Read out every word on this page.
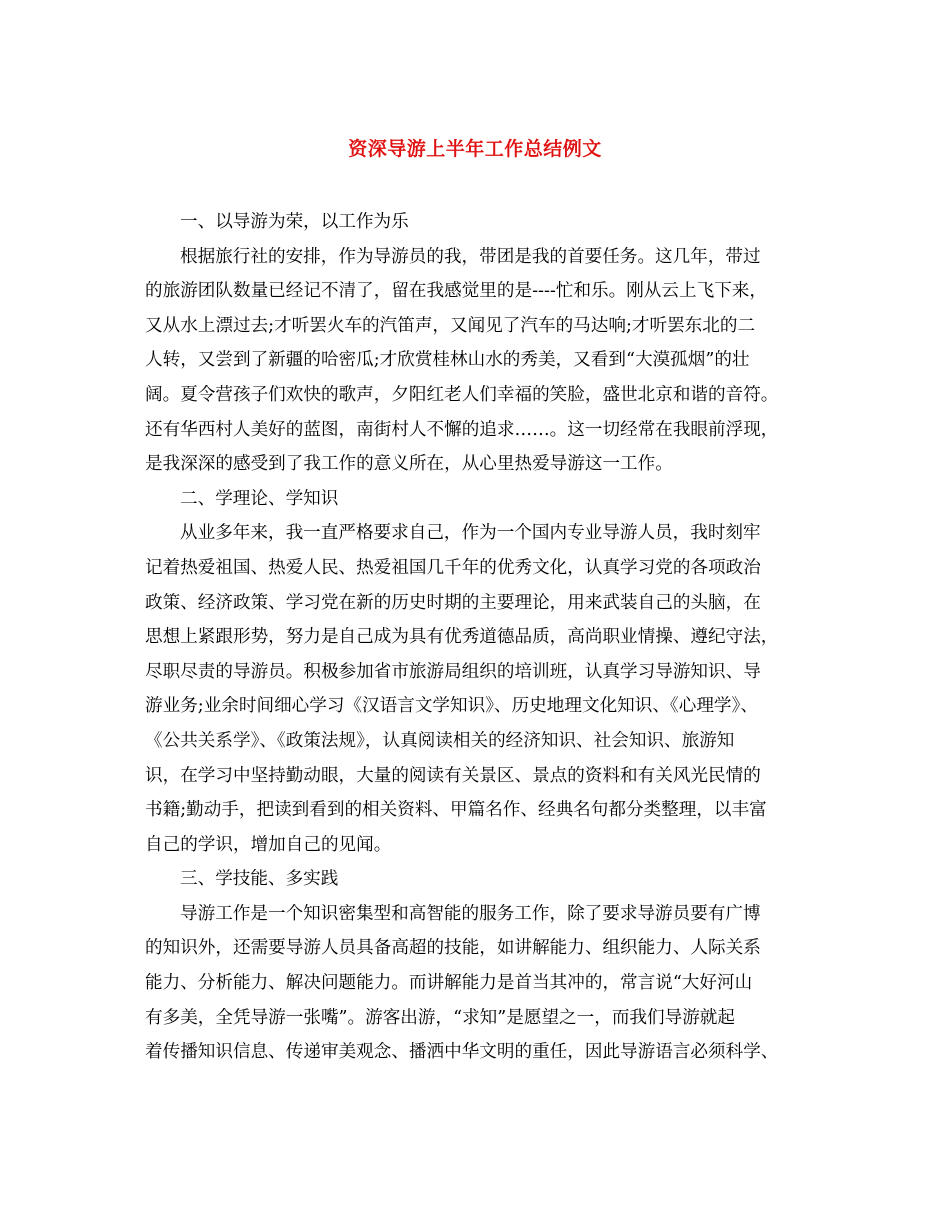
资深导游上半年工作总结例文
一、以导游为荣，以工作为乐
根据旅行社的安排，作为导游员的我，带团是我的首要任务。这几年，带过
的旅游团队数量已经记不清了，留在我感觉里的是----忙和乐。刚从云上飞下来，
又从水上漂过去;才听罢火车的汽笛声，又闻见了汽车的马达响;才听罢东北的二
人转，又尝到了新疆的哈密瓜;才欣赏桂林山水的秀美，又看到“大漠孤烟”的壮
阔。夏令营孩子们欢快的歌声，夕阳红老人们幸福的笑脸，盛世北京和谐的音符。
还有华西村人美好的蓝图，南街村人不懈的追求……。这一切经常在我眼前浮现，
是我深深的感受到了我工作的意义所在，从心里热爱导游这一工作。
二、学理论、学知识
从业多年来，我一直严格要求自己，作为一个国内专业导游人员，我时刻牢
记着热爱祖国、热爱人民、热爱祖国几千年的优秀文化，认真学习党的各项政治
政策、经济政策、学习党在新的历史时期的主要理论，用来武装自己的头脑，在
思想上紧跟形势，努力是自己成为具有优秀道德品质，高尚职业情操、遵纪守法，
尽职尽责的导游员。积极参加省市旅游局组织的培训班，认真学习导游知识、导
游业务;业余时间细心学习《汉语言文学知识》、历史地理文化知识、《心理学》、
《公共关系学》、《政策法规》，认真阅读相关的经济知识、社会知识、旅游知
识，在学习中坚持勤动眼，大量的阅读有关景区、景点的资料和有关风光民情的
书籍;勤动手，把读到看到的相关资料、甲篇名作、经典名句都分类整理，以丰富
自己的学识，增加自己的见闻。
三、学技能、多实践
导游工作是一个知识密集型和高智能的服务工作，除了要求导游员要有广博
的知识外，还需要导游人员具备高超的技能，如讲解能力、组织能力、人际关系
能力、分析能力、解决问题能力。而讲解能力是首当其冲的，常言说“大好河山
有多美，全凭导游一张嘴”。游客出游，“求知”是愿望之一，而我们导游就起
着传播知识信息、传递审美观念、播洒中华文明的重任，因此导游语言必须科学、
